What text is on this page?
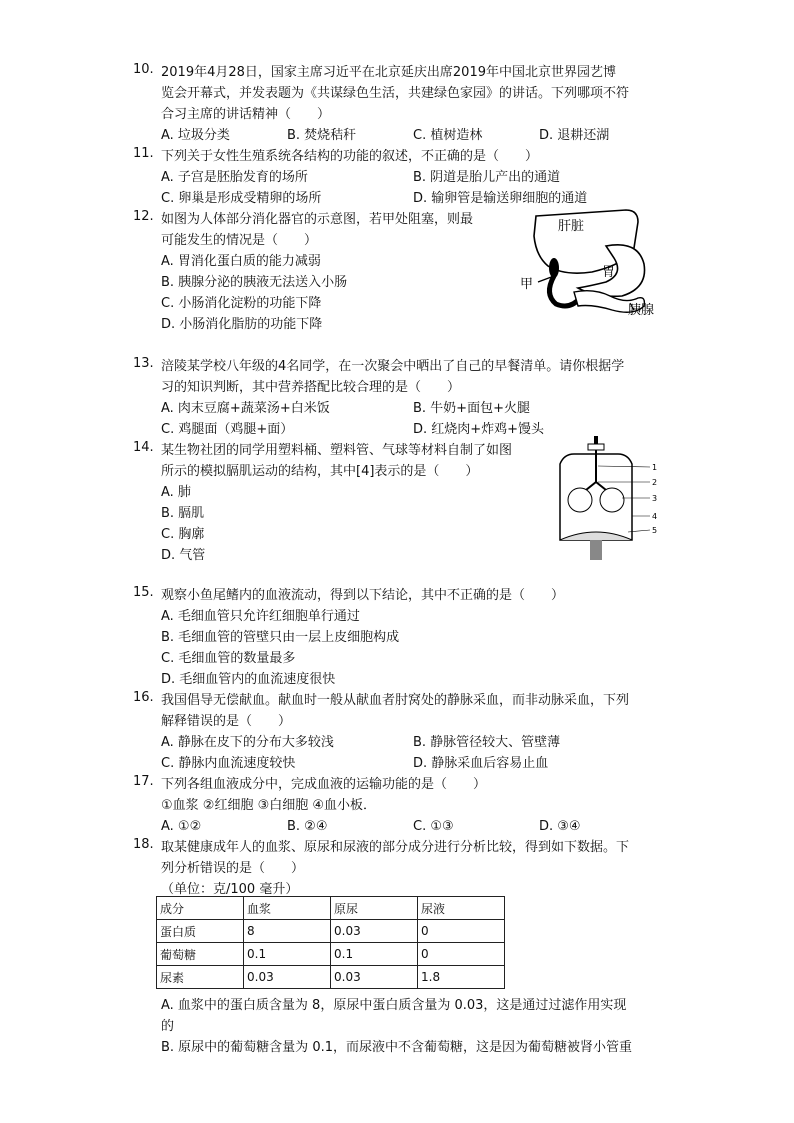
10. 2019年4月28日，国家主席习近平在北京延庆出席2019年中国北京世界园艺博
览会开幕式，并发表题为《共谋绿色生活，共建绿色家园》的讲话。下列哪项不符
合习主席的讲话精神（　　）
A. 垃圾分类	B. 焚烧秸秆	C. 植树造林	D. 退耕还湖
11. 下列关于女性生殖系统各结构的功能的叙述，不正确的是（　　）
A. 子宫是胚胎发育的场所	B. 阴道是胎儿产出的通道
C. 卵巢是形成受精卵的场所	D. 输卵管是输送卵细胞的通道
12. 如图为人体部分消化器官的示意图，若甲处阻塞，则最
可能发生的情况是（　　）
A. 胃消化蛋白质的能力减弱
B. 胰腺分泌的胰液无法送入小肠
C. 小肠消化淀粉的功能下降
D. 小肠消化脂肪的功能下降
肝脏
胃
甲
胰腺
13. 涪陵某学校八年级的4名同学，在一次聚会中晒出了自己的早餐清单。请你根据学
习的知识判断，其中营养搭配比较合理的是（　　）
A. 肉末豆腐+蔬菜汤+白米饭	B. 牛奶+面包+火腿
C. 鸡腿面（鸡腿+面）	D. 红烧肉+炸鸡+馒头
14. 某生物社团的同学用塑料桶、塑料管、气球等材料自制了如图
所示的模拟膈肌运动的结构，其中[4]表示的是（　　）
A. 肺
B. 膈肌
C. 胸廓
D. 气管
1
2
3
4
5
15. 观察小鱼尾鳍内的血液流动，得到以下结论，其中不正确的是（　　）
A. 毛细血管只允许红细胞单行通过
B. 毛细血管的管壁只由一层上皮细胞构成
C. 毛细血管的数量最多
D. 毛细血管内的血流速度很快
16. 我国倡导无偿献血。献血时一般从献血者肘窝处的静脉采血，而非动脉采血，下列
解释错误的是（　　）
A. 静脉在皮下的分布大多较浅	B. 静脉管径较大、管壁薄
C. 静脉内血流速度较快	D. 静脉采血后容易止血
17. 下列各组血液成分中，完成血液的运输功能的是（　　）
①血浆 ②红细胞 ③白细胞 ④血小板．
A. ①②	B. ②④	C. ①③	D. ③④
18. 取某健康成年人的血浆、原尿和尿液的部分成分进行分析比较，得到如下数据。下
列分析错误的是（　　）
（单位：克/100 毫升）
成分	血浆	原尿	尿液
蛋白质	8	0.03	0
葡萄糖	0.1	0.1	0
尿素	0.03	0.03	1.8
A. 血浆中的蛋白质含量为 8，原尿中蛋白质含量为 0.03，这是通过过滤作用实现
的
B. 原尿中的葡萄糖含量为 0.1，而尿液中不含葡萄糖，这是因为葡萄糖被肾小管重
